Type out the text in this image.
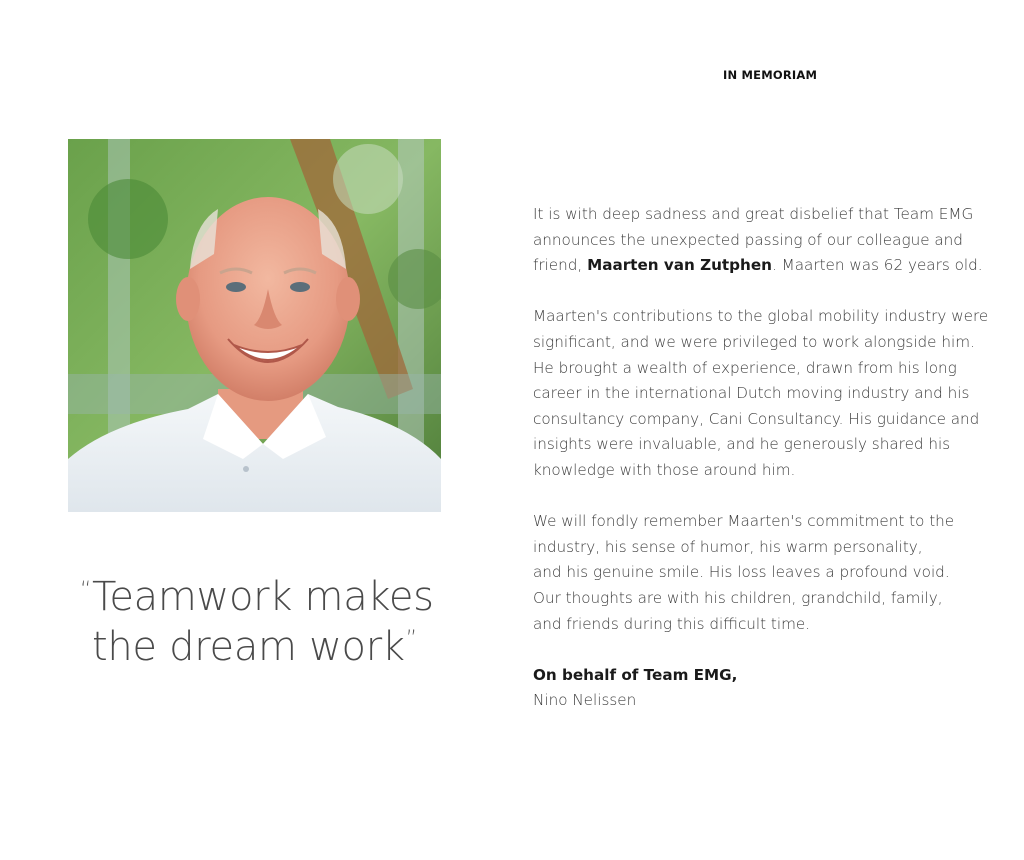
IN MEMORIAM
“ Teamwork makes
the dream work”

It is with deep sadness and great disbelief that Team EMG
announces the unexpected passing of our colleague and
friend, Maarten van Zutphen. Maarten was 62 years old.

Maarten's contributions to the global mobility industry were
significant, and we were privileged to work alongside him.
He brought a wealth of experience, drawn from his long
career in the international Dutch moving industry and his
consultancy company, Cani Consultancy. His guidance and
insights were invaluable, and he generously shared his
knowledge with those around him.

We will fondly remember Maarten's commitment to the
industry, his sense of humor, his warm personality,
and his genuine smile. His loss leaves a profound void.
Our thoughts are with his children, grandchild, family,
and friends during this difficult time.

On behalf of Team EMG,
Nino Nelissen
